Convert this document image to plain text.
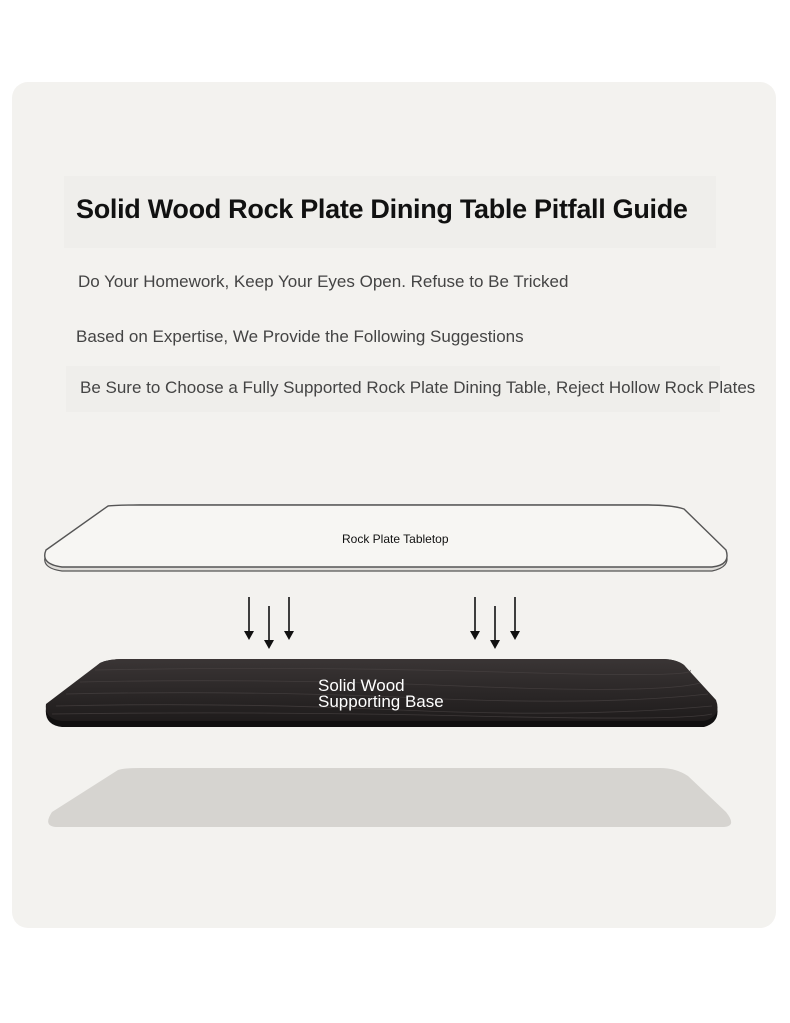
Solid Wood Rock Plate Dining Table Pitfall Guide

Do Your Homework, Keep Your Eyes Open. Refuse to Be Tricked

Based on Expertise, We Provide the Following Suggestions

Be Sure to Choose a Fully Supported Rock Plate Dining Table, Reject Hollow Rock Plates

Rock Plate Tabletop
Solid Wood
Supporting Base
